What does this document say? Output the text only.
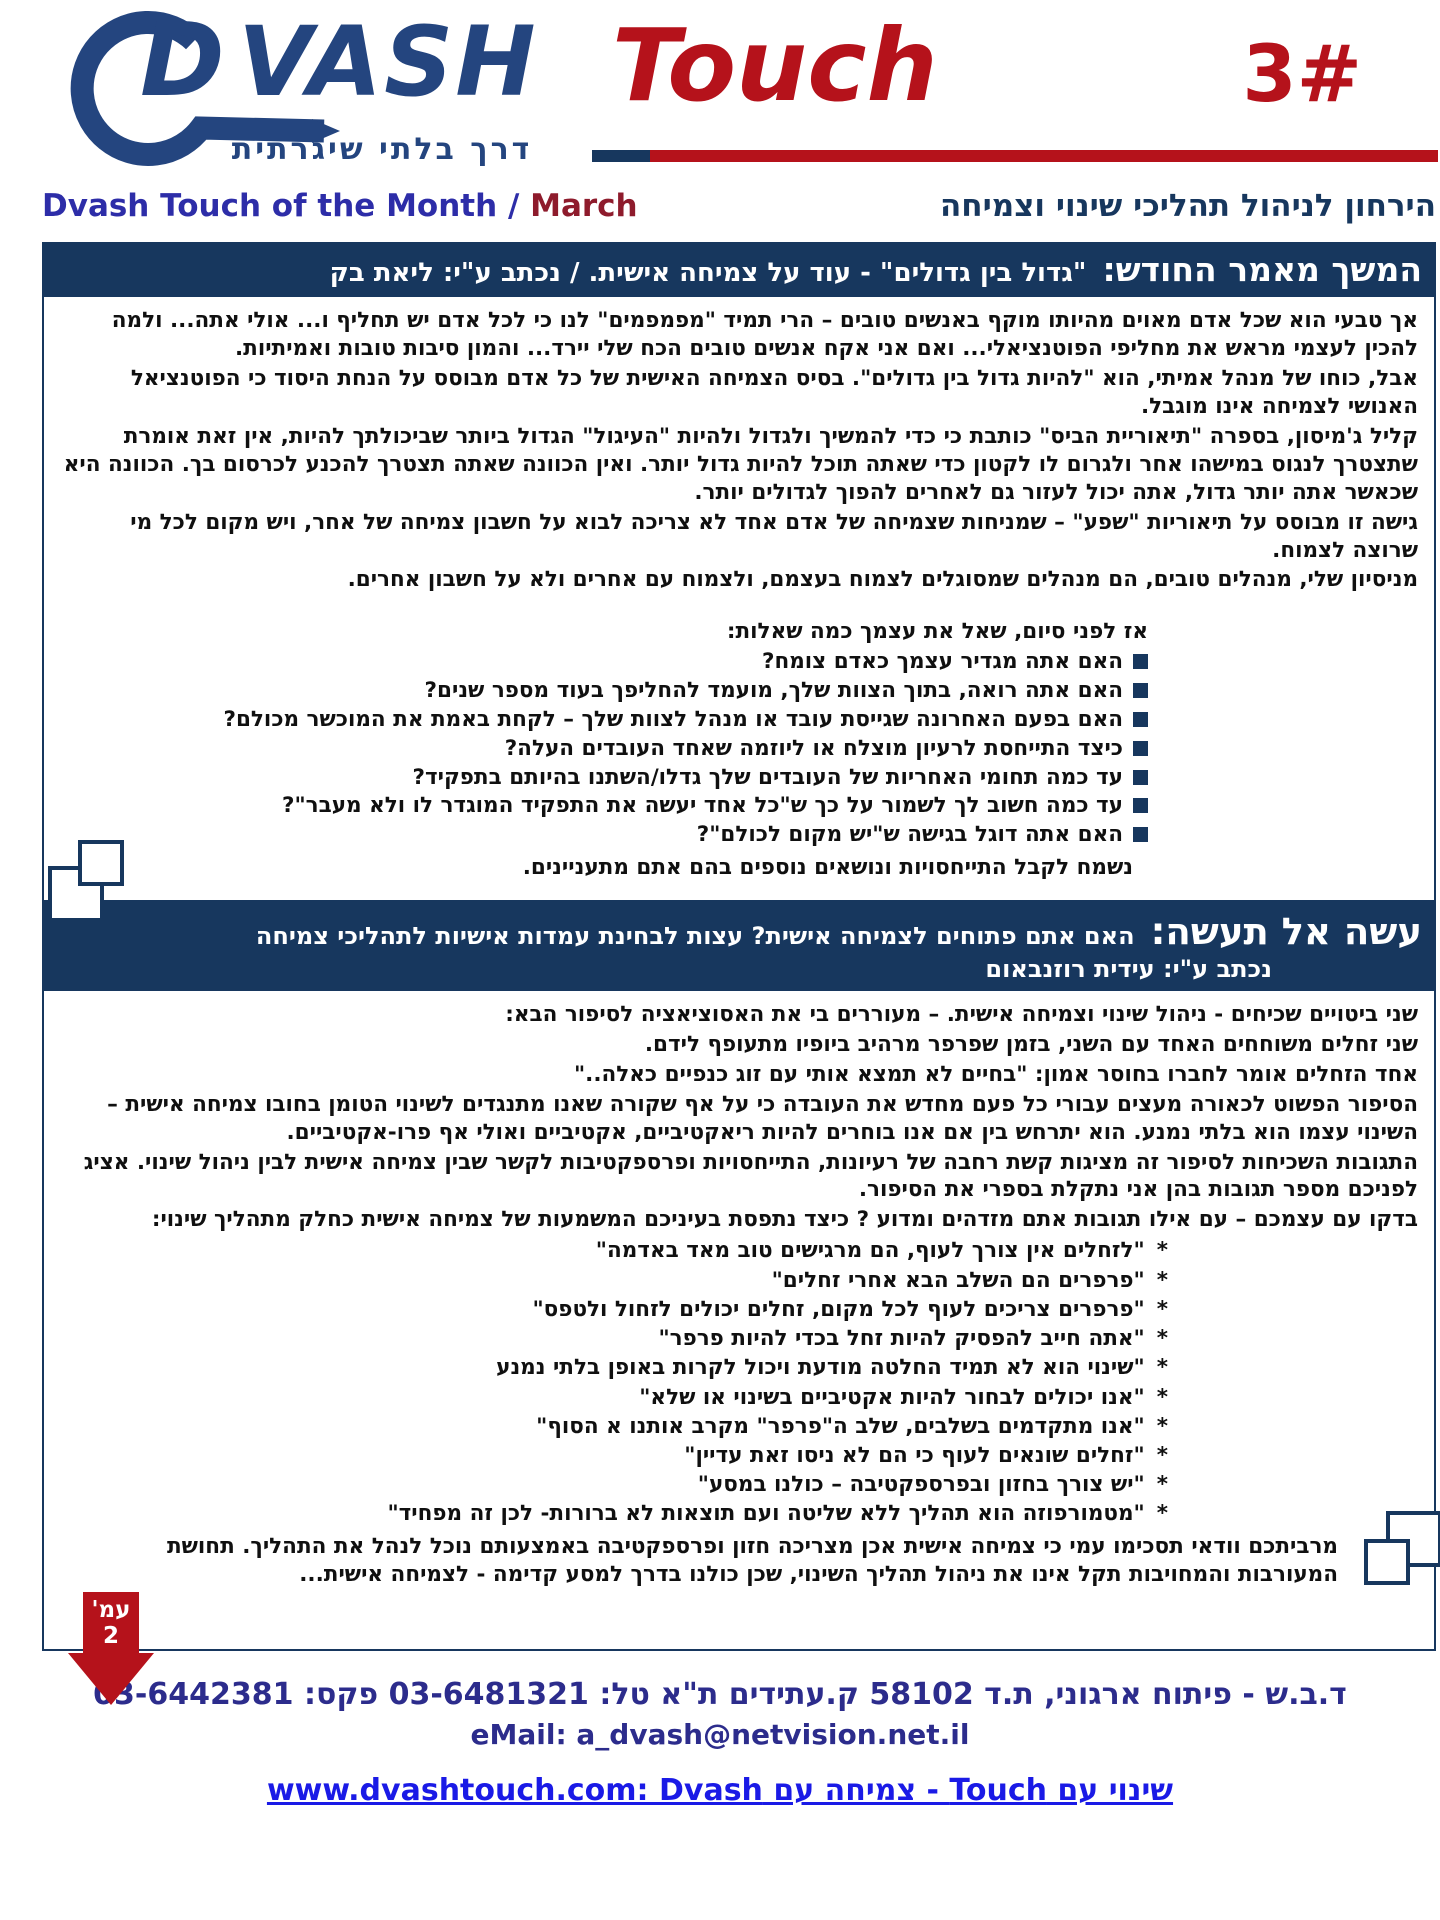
D VASH
דרך בלתי שיגרתית
Touch	3#
Dvash Touch of the Month / March	הירחון לניהול תהליכי שינוי וצמיחה
המשך מאמר החודש:
"גדול בין גדולים" - עוד על צמיחה אישית. / נכתב ע"י: ליאת בק

אך טבעי הוא שכל אדם מאוים מהיותו מוקף באנשים טובים – הרי תמיד "מפמפמים" לנו כי לכל אדם יש תחליף ו... אולי אתה... ולמה להכין לעצמי מראש את מחליפי הפוטנציאלי... ואם אני אקח אנשים טובים הכח שלי יירד... והמון סיבות טובות ואמיתיות.

אבל, כוחו של מנהל אמיתי, הוא "להיות גדול בין גדולים". בסיס הצמיחה האישית של כל אדם מבוסס על הנחת היסוד כי הפוטנציאל האנושי לצמיחה אינו מוגבל.

קליל ג'מיסון, בספרה "תיאוריית הביס" כותבת כי כדי להמשיך ולגדול ולהיות "העיגול" הגדול ביותר שביכולתך להיות, אין זאת אומרת שתצטרך לנגוס במישהו אחר ולגרום לו לקטון כדי שאתה תוכל להיות גדול יותר. ואין הכוונה שאתה תצטרך להכנע לכרסום בך. הכוונה היא שכאשר אתה יותר גדול, אתה יכול לעזור גם לאחרים להפוך לגדולים יותר.

גישה זו מבוסס על תיאוריות "שפע" – שמניחות שצמיחה של אדם אחד לא צריכה לבוא על חשבון צמיחה של אחר, ויש מקום לכל מי שרוצה לצמוח.

מניסיון שלי, מנהלים טובים, הם מנהלים שמסוגלים לצמוח בעצמם, ולצמוח עם אחרים ולא על חשבון אחרים.

אז לפני סיום, שאל את עצמך כמה שאלות:

האם אתה מגדיר עצמך כאדם צומח?
האם אתה רואה, בתוך הצוות שלך, מועמד להחליפך בעוד מספר שנים?
האם בפעם האחרונה שגייסת עובד או מנהל לצוות שלך – לקחת באמת את המוכשר מכולם?
כיצד התייחסת לרעיון מוצלח או ליוזמה שאחד העובדים העלה?
עד כמה תחומי האחריות של העובדים שלך גדלו/השתנו בהיותם בתפקיד?
עד כמה חשוב לך לשמור על כך ש"כל אחד יעשה את התפקיד המוגדר לו ולא מעבר"?
האם אתה דוגל בגישה ש"יש מקום לכולם"?

נשמח לקבל התייחסויות ונושאים נוספים בהם אתם מתעניינים.

עשה אל תעשה:
האם אתם פתוחים לצמיחה אישית? עצות לבחינת עמדות אישיות לתהליכי צמיחה
נכתב ע"י: עידית רוזנבאום

שני ביטויים שכיחים - ניהול שינוי וצמיחה אישית. – מעוררים בי את האסוציאציה לסיפור הבא:

שני זחלים משוחחים האחד עם השני, בזמן שפרפר מרהיב ביופיו מתעופף לידם.

אחד הזחלים אומר לחברו בחוסר אמון: "בחיים לא תמצא אותי עם זוג כנפיים כאלה.."

הסיפור הפשוט לכאורה מעצים עבורי כל פעם מחדש את העובדה כי על אף שקורה שאנו מתנגדים לשינוי הטומן בחובו צמיחה אישית – השינוי עצמו הוא בלתי נמנע. הוא יתרחש בין אם אנו בוחרים להיות ריאקטיביים, אקטיביים ואולי אף פרו-אקטיביים.

התגובות השכיחות לסיפור זה מציגות קשת רחבה של רעיונות, התייחסויות ופרספקטיבות לקשר שבין צמיחה אישית לבין ניהול שינוי. אציג לפניכם מספר תגובות בהן אני נתקלת בספרי את הסיפור.

בדקו עם עצמכם – עם אילו תגובות אתם מזדהים ומדוע ? כיצד נתפסת בעיניכם המשמעות של צמיחה אישית כחלק מתהליך שינוי:

*
"לזחלים אין צורך לעוף, הם מרגישים טוב מאד באדמה"
*
"פרפרים הם השלב הבא אחרי זחלים"
*
"פרפרים צריכים לעוף לכל מקום, זחלים יכולים לזחול ולטפס"
*
"אתה חייב להפסיק להיות זחל בכדי להיות פרפר"
*
"שינוי הוא לא תמיד החלטה מודעת ויכול לקרות באופן בלתי נמנע
*
"אנו יכולים לבחור להיות אקטיביים בשינוי או שלא"
*
"אנו מתקדמים בשלבים, שלב ה"פרפר" מקרב אותנו א הסוף"
*
"זחלים שונאים לעוף כי הם לא ניסו זאת עדיין"
*
"יש צורך בחזון ובפרספקטיבה – כולנו במסע"
*
"מטמורפוזה הוא תהליך ללא שליטה ועם תוצאות לא ברורות- לכן זה מפחיד"

מרביתכם וודאי תסכימו עמי כי צמיחה אישית אכן מצריכה חזון ופרספקטיבה באמצעותם נוכל לנהל את התהליך. תחושת המעורבות והמחויבות תקל אינו את ניהול תהליך השינוי, שכן כולנו בדרך למסע קדימה - לצמיחה אישית...

עמ'
2
ד.ב.ש - פיתוח ארגוני, ת.ד 58102 ק.עתידים ת"א טל: 03-6481321 פקס: 03-6442381
eMail: a_dvash@netvision.net.il
www.dvashtouch.com: שינוי עם Touch - צמיחה עם Dvash
